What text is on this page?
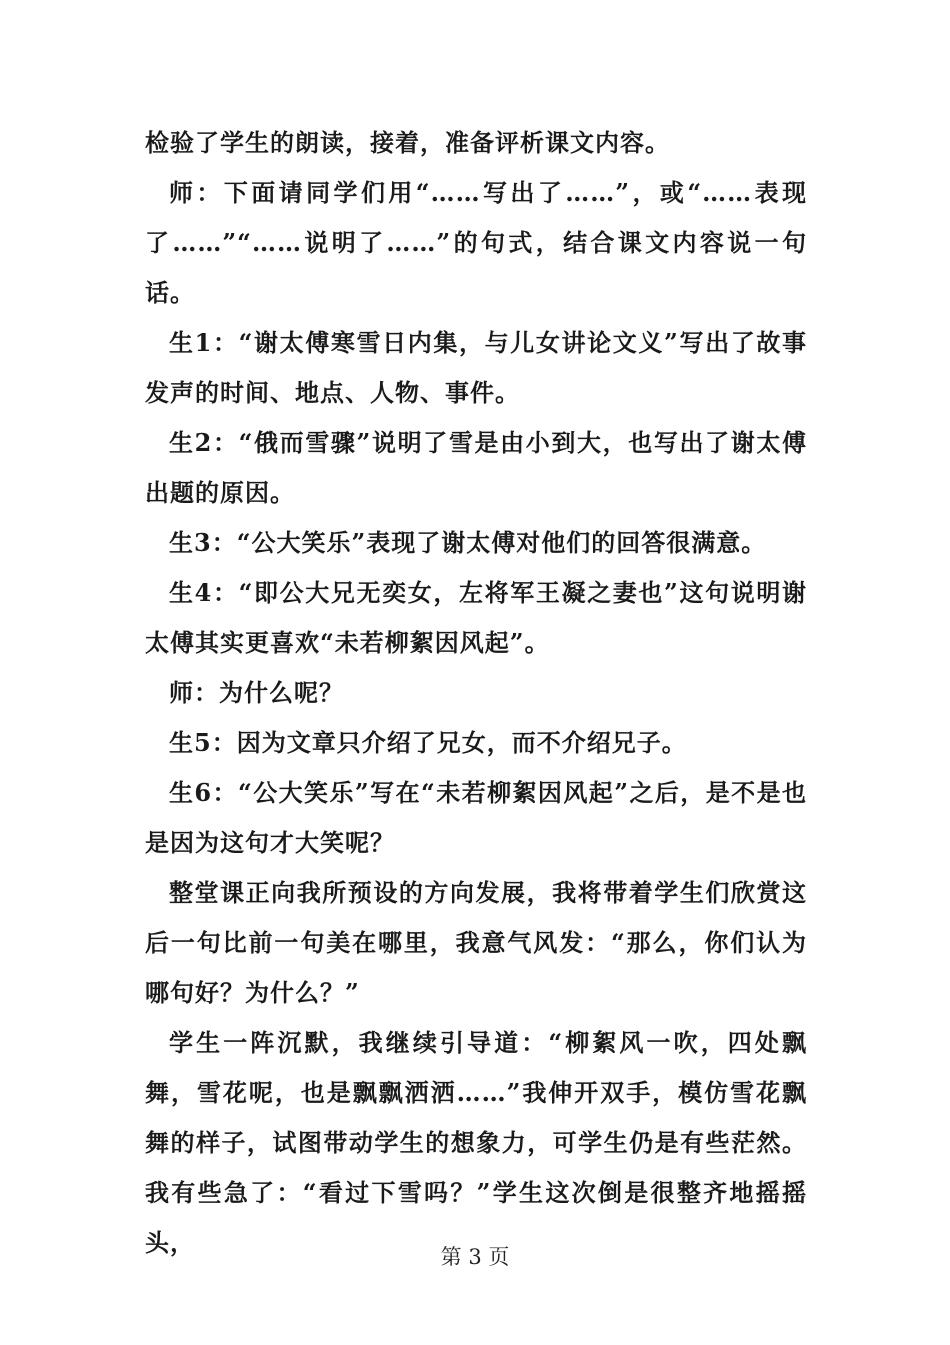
检验了学生的朗读，接着，准备评析课文内容。

师：下面请同学们用“……写出了……”，或“……表现了……”“……说明了……”的句式，结合课文内容说一句话。

生1：“谢太傅寒雪日内集，与儿女讲论文义”写出了故事发声的时间、地点、人物、事件。

生2：“俄而雪骤”说明了雪是由小到大，也写出了谢太傅出题的原因。

生3：“公大笑乐”表现了谢太傅对他们的回答很满意。

生4：“即公大兄无奕女，左将军王凝之妻也”这句说明谢太傅其实更喜欢“未若柳絮因风起”。

师：为什么呢？

生5：因为文章只介绍了兄女，而不介绍兄子。

生6：“公大笑乐”写在“未若柳絮因风起”之后，是不是也是因为这句才大笑呢？

整堂课正向我所预设的方向发展，我将带着学生们欣赏这后一句比前一句美在哪里，我意气风发：“那么，你们认为哪句好？为什么？”

学生一阵沉默，我继续引导道：“柳絮风一吹，四处飘舞，雪花呢，也是飘飘洒洒……”我伸开双手，模仿雪花飘舞的样子，试图带动学生的想象力，可学生仍是有些茫然。我有些急了：“看过下雪吗？”学生这次倒是很整齐地摇摇头，	第 3 页
